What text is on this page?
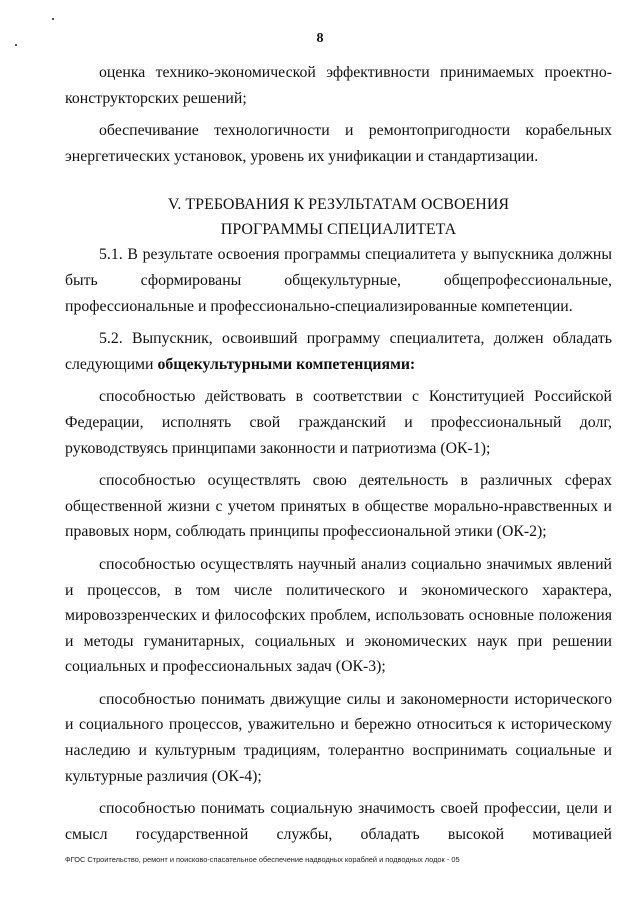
8

оценка технико-экономической эффективности принимаемых проектно-конструкторских решений;

обеспечивание технологичности и ремонтопригодности корабельных энергетических установок, уровень их унификации и стандартизации.

V. ТРЕБОВАНИЯ К РЕЗУЛЬТАТАМ ОСВОЕНИЯ

ПРОГРАММЫ СПЕЦИАЛИТЕТА

5.1. В результате освоения программы специалитета у выпускника должны быть сформированы общекультурные, общепрофессиональные, профессиональные и профессионально-специализированные компетенции.

5.2. Выпускник, освоивший программу специалитета, должен обладать следующими общекультурными компетенциями:

способностью действовать в соответствии с Конституцией Российской Федерации, исполнять свой гражданский и профессиональный долг, руководствуясь принципами законности и патриотизма (ОК-1);

способностью осуществлять свою деятельность в различных сферах общественной жизни с учетом принятых в обществе морально-нравственных и правовых норм, соблюдать принципы профессиональной этики (ОК-2);

способностью осуществлять научный анализ социально значимых явлений и процессов, в том числе политического и экономического характера, мировоззренческих и философских проблем, использовать основные положения и методы гуманитарных, социальных и экономических наук при решении социальных и профессиональных задач (ОК-3);

способностью понимать движущие силы и закономерности исторического и социального процессов, уважительно и бережно относиться к историческому наследию и культурным традициям, толерантно воспринимать социальные и культурные различия (ОК-4);

способностью понимать социальную значимость своей профессии, цели и смысл государственной службы, обладать высокой мотивацией

ФГОС Строительство, ремонт и поисково-спасательное обеспечение надводных кораблей и подводных лодок - 05
